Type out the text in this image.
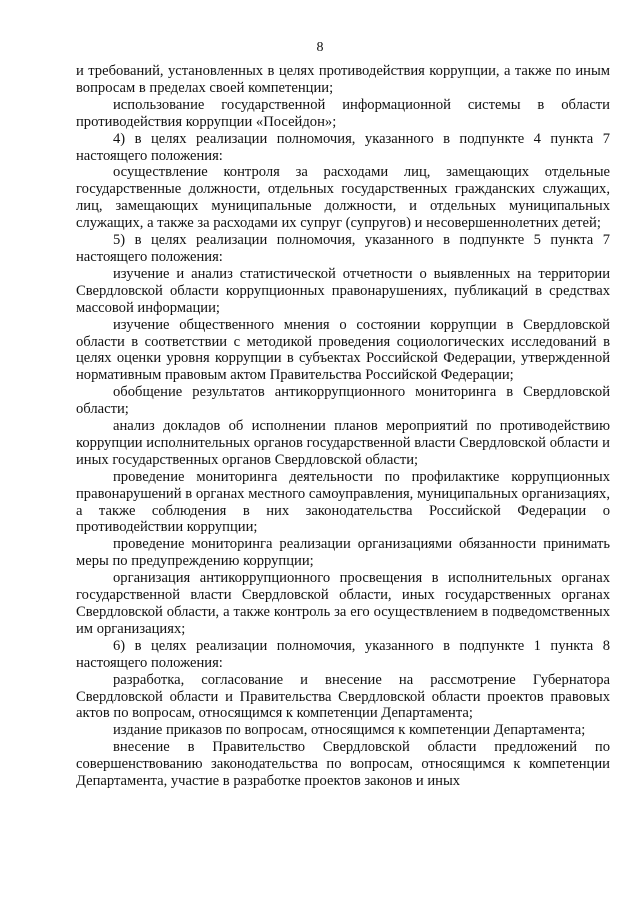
8

и требований, установленных в целях противодействия коррупции, а также по иным вопросам в пределах своей компетенции;

использование государственной информационной системы в области противодействия коррупции «Посейдон»;

4) в целях реализации полномочия, указанного в подпункте 4 пункта 7 настоящего положения:

осуществление контроля за расходами лиц, замещающих отдельные государственные должности, отдельных государственных гражданских служащих, лиц, замещающих муниципальные должности, и отдельных муниципальных служащих, а также за расходами их супруг (супругов) и несовершеннолетних детей;

5) в целях реализации полномочия, указанного в подпункте 5 пункта 7 настоящего положения:

изучение и анализ статистической отчетности о выявленных на территории Свердловской области коррупционных правонарушениях, публикаций в средствах массовой информации;

изучение общественного мнения о состоянии коррупции в Свердловской области в соответствии с методикой проведения социологических исследований в целях оценки уровня коррупции в субъектах Российской Федерации, утвержденной нормативным правовым актом Правительства Российской Федерации;

обобщение результатов антикоррупционного мониторинга в Свердловской области;

анализ докладов об исполнении планов мероприятий по противодействию коррупции исполнительных органов государственной власти Свердловской области и иных государственных органов Свердловской области;

проведение мониторинга деятельности по профилактике коррупционных правонарушений в органах местного самоуправления, муниципальных организациях, а также соблюдения в них законодательства Российской Федерации о противодействии коррупции;

проведение мониторинга реализации организациями обязанности принимать меры по предупреждению коррупции;

организация антикоррупционного просвещения в исполнительных органах государственной власти Свердловской области, иных государственных органах Свердловской области, а также контроль за его осуществлением в подведомственных им организациях;

6) в целях реализации полномочия, указанного в подпункте 1 пункта 8 настоящего положения:

разработка, согласование и внесение на рассмотрение Губернатора Свердловской области и Правительства Свердловской области проектов правовых актов по вопросам, относящимся к компетенции Департамента;

издание приказов по вопросам, относящимся к компетенции Департамента;

внесение в Правительство Свердловской области предложений по совершенствованию законодательства по вопросам, относящимся к компетенции Департамента, участие в разработке проектов законов и иных
